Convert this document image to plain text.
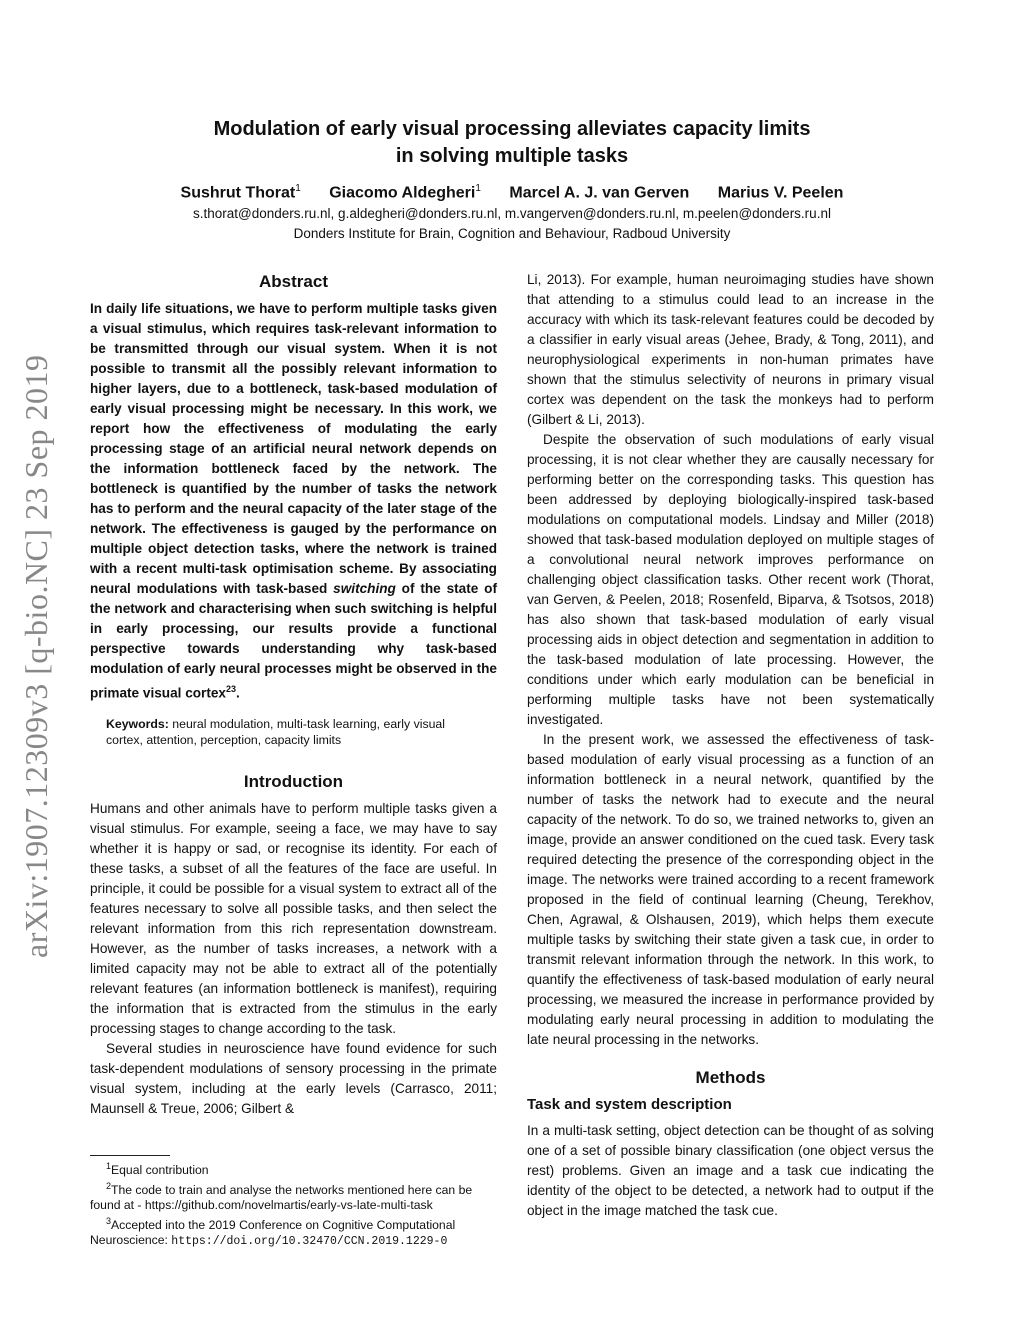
arXiv:1907.12309v3 [q-bio.NC] 23 Sep 2019
Modulation of early visual processing alleviates capacity limits
in solving multiple tasks
Sushrut Thorat$^1$ Giacomo Aldegheri$^1$ Marcel A. J. van Gerven Marius V. Peelen
s.thorat@donders.ru.nl, g.aldegheri@donders.ru.nl, m.vangerven@donders.ru.nl, m.peelen@donders.ru.nl
Donders Institute for Brain, Cognition and Behaviour, Radboud University
Abstract

In daily life situations, we have to perform multiple tasks given a visual stimulus, which requires task-relevant information to be transmitted through our visual system. When it is not possible to transmit all the possibly relevant information to higher layers, due to a bottleneck, task-based modulation of early visual processing might be necessary. In this work, we report how the effectiveness of modulating the early processing stage of an artificial neural network depends on the information bottleneck faced by the network. The bottleneck is quantified by the number of tasks the network has to perform and the neural capacity of the later stage of the network. The effectiveness is gauged by the performance on multiple object detection tasks, where the network is trained with a recent multi-task optimisation scheme. By associating neural modulations with task-based switching of the state of the network and characterising when such switching is helpful in early processing, our results provide a functional perspective towards understanding why task-based modulation of early neural processes might be observed in the primate visual cortex$^{23}$.

Keywords: neural modulation, multi-task learning, early visual cortex, attention, perception, capacity limits

Introduction

Humans and other animals have to perform multiple tasks given a visual stimulus. For example, seeing a face, we may have to say whether it is happy or sad, or recognise its identity. For each of these tasks, a subset of all the features of the face are useful. In principle, it could be possible for a visual system to extract all of the features necessary to solve all possible tasks, and then select the relevant information from this rich representation downstream. However, as the number of tasks increases, a network with a limited capacity may not be able to extract all of the potentially relevant features (an information bottleneck is manifest), requiring the information that is extracted from the stimulus in the early processing stages to change according to the task.

Several studies in neuroscience have found evidence for such task-dependent modulations of sensory processing in the primate visual system, including at the early levels (Carrasco, 2011; Maunsell & Treue, 2006; Gilbert &

Li, 2013). For example, human neuroimaging studies have shown that attending to a stimulus could lead to an increase in the accuracy with which its task-relevant features could be decoded by a classifier in early visual areas (Jehee, Brady, & Tong, 2011), and neurophysiological experiments in non-human primates have shown that the stimulus selectivity of neurons in primary visual cortex was dependent on the task the monkeys had to perform (Gilbert & Li, 2013).

Despite the observation of such modulations of early visual processing, it is not clear whether they are causally necessary for performing better on the corresponding tasks. This question has been addressed by deploying biologically-inspired task-based modulations on computational models. Lindsay and Miller (2018) showed that task-based modulation deployed on multiple stages of a convolutional neural network improves performance on challenging object classification tasks. Other recent work (Thorat, van Gerven, & Peelen, 2018; Rosenfeld, Biparva, & Tsotsos, 2018) has also shown that task-based modulation of early visual processing aids in object detection and segmentation in addition to the task-based modulation of late processing. However, the conditions under which early modulation can be beneficial in performing multiple tasks have not been systematically investigated.

In the present work, we assessed the effectiveness of task-based modulation of early visual processing as a function of an information bottleneck in a neural network, quantified by the number of tasks the network had to execute and the neural capacity of the network. To do so, we trained networks to, given an image, provide an answer conditioned on the cued task. Every task required detecting the presence of the corresponding object in the image. The networks were trained according to a recent framework proposed in the field of continual learning (Cheung, Terekhov, Chen, Agrawal, & Olshausen, 2019), which helps them execute multiple tasks by switching their state given a task cue, in order to transmit relevant information through the network. In this work, to quantify the effectiveness of task-based modulation of early neural processing, we measured the increase in performance provided by modulating early neural processing in addition to modulating the late neural processing in the networks.

Methods
Task and system description

In a multi-task setting, object detection can be thought of as solving one of a set of possible binary classification (one object versus the rest) problems. Given an image and a task cue indicating the identity of the object to be detected, a network had to output if the object in the image matched the task cue.

$^1$Equal contribution
$^2$The code to train and analyse the networks mentioned here can be found at - https://github.com/novelmartis/early-vs-late-multi-task
$^3$Accepted into the 2019 Conference on Cognitive Computational Neuroscience: https://doi.org/10.32470/CCN.2019.1229-0
